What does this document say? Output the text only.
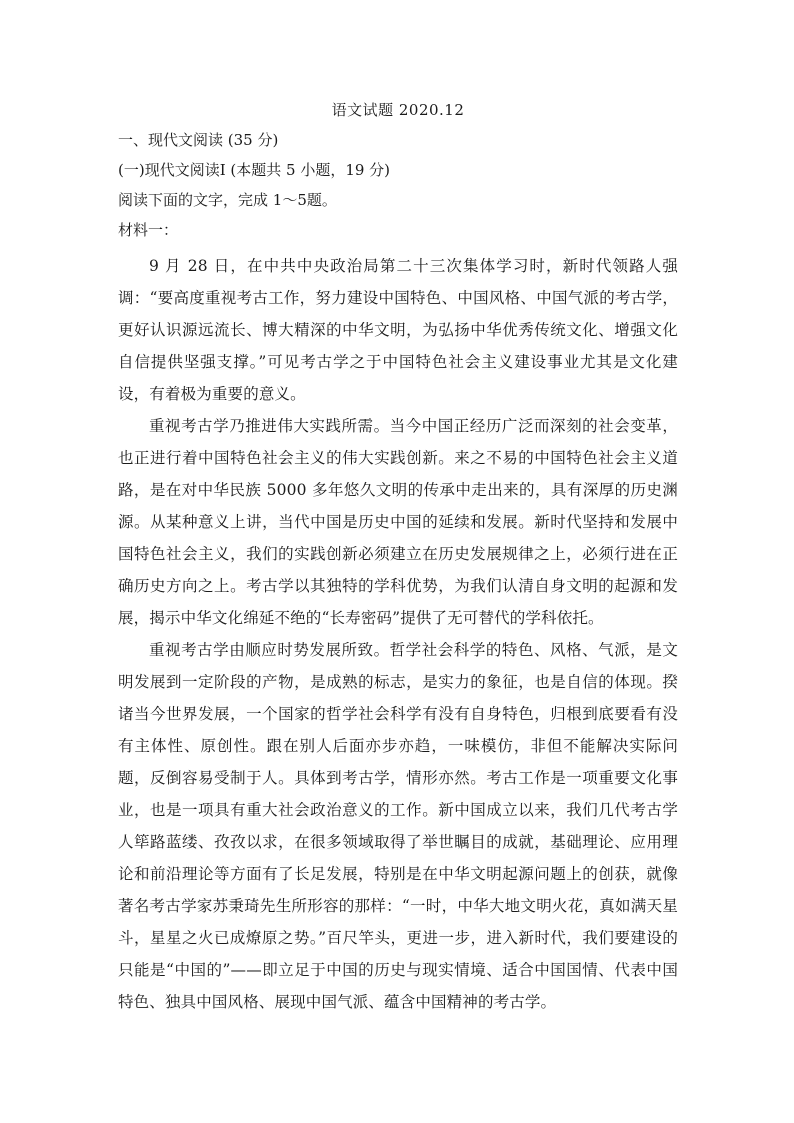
语文试题 2020.12
一、现代文阅读 (35 分)
(一)现代文阅读Ⅰ (本题共 5 小题，19 分)
阅读下面的文字，完成 1～5题。
材料一：

9 月 28 日，在中共中央政治局第二十三次集体学习时，新时代领路人强调：“要高度重视考古工作，努力建设中国特色、中国风格、中国气派的考古学，更好认识源远流长、博大精深的中华文明，为弘扬中华优秀传统文化、增强文化自信提供坚强支撑。”可见考古学之于中国特色社会主义建设事业尤其是文化建设，有着极为重要的意义。

重视考古学乃推进伟大实践所需。当今中国正经历广泛而深刻的社会变革，也正进行着中国特色社会主义的伟大实践创新。来之不易的中国特色社会主义道路，是在对中华民族 5000 多年悠久文明的传承中走出来的，具有深厚的历史渊源。从某种意义上讲，当代中国是历史中国的延续和发展。新时代坚持和发展中国特色社会主义，我们的实践创新必须建立在历史发展规律之上，必须行进在正确历史方向之上。考古学以其独特的学科优势，为我们认清自身文明的起源和发展，揭示中华文化绵延不绝的“长寿密码”提供了无可替代的学科依托。

重视考古学由顺应时势发展所致。哲学社会科学的特色、风格、气派，是文明发展到一定阶段的产物，是成熟的标志，是实力的象征，也是自信的体现。揆诸当今世界发展，一个国家的哲学社会科学有没有自身特色，归根到底要看有没有主体性、原创性。跟在别人后面亦步亦趋，一味模仿，非但不能解决实际问题，反倒容易受制于人。具体到考古学，情形亦然。考古工作是一项重要文化事业，也是一项具有重大社会政治意义的工作。新中国成立以来，我们几代考古学人筚路蓝缕、孜孜以求，在很多领域取得了举世瞩目的成就，基础理论、应用理论和前沿理论等方面有了长足发展，特别是在中华文明起源问题上的创获，就像著名考古学家苏秉琦先生所形容的那样：“一时，中华大地文明火花，真如满天星斗，星星之火已成燎原之势。”百尺竿头，更进一步，进入新时代，我们要建设的只能是“中国的”——即立足于中国的历史与现实情境、适合中国国情、代表中国特色、独具中国风格、展现中国气派、蕴含中国精神的考古学。
